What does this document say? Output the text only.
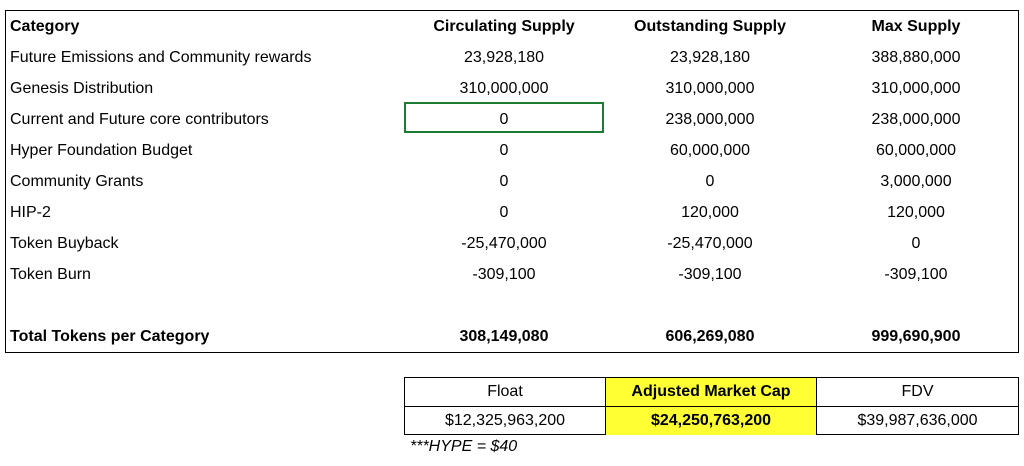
Category	Circulating Supply	Outstanding Supply	Max Supply
Future Emissions and Community rewards	23,928,180	23,928,180	388,880,000
Genesis Distribution	310,000,000	310,000,000	310,000,000
Current and Future core contributors	0	238,000,000	238,000,000
Hyper Foundation Budget	0	60,000,000	60,000,000
Community Grants	0	0	3,000,000
HIP-2	0	120,000	120,000
Token Buyback	-25,470,000	-25,470,000	0
Token Burn	-309,100	-309,100	-309,100
Total Tokens per Category	308,149,080	606,269,080	999,690,900
Float	Adjusted Market Cap	FDV
$12,325,963,200	$24,250,763,200	$39,987,636,000
***HYPE = $40
